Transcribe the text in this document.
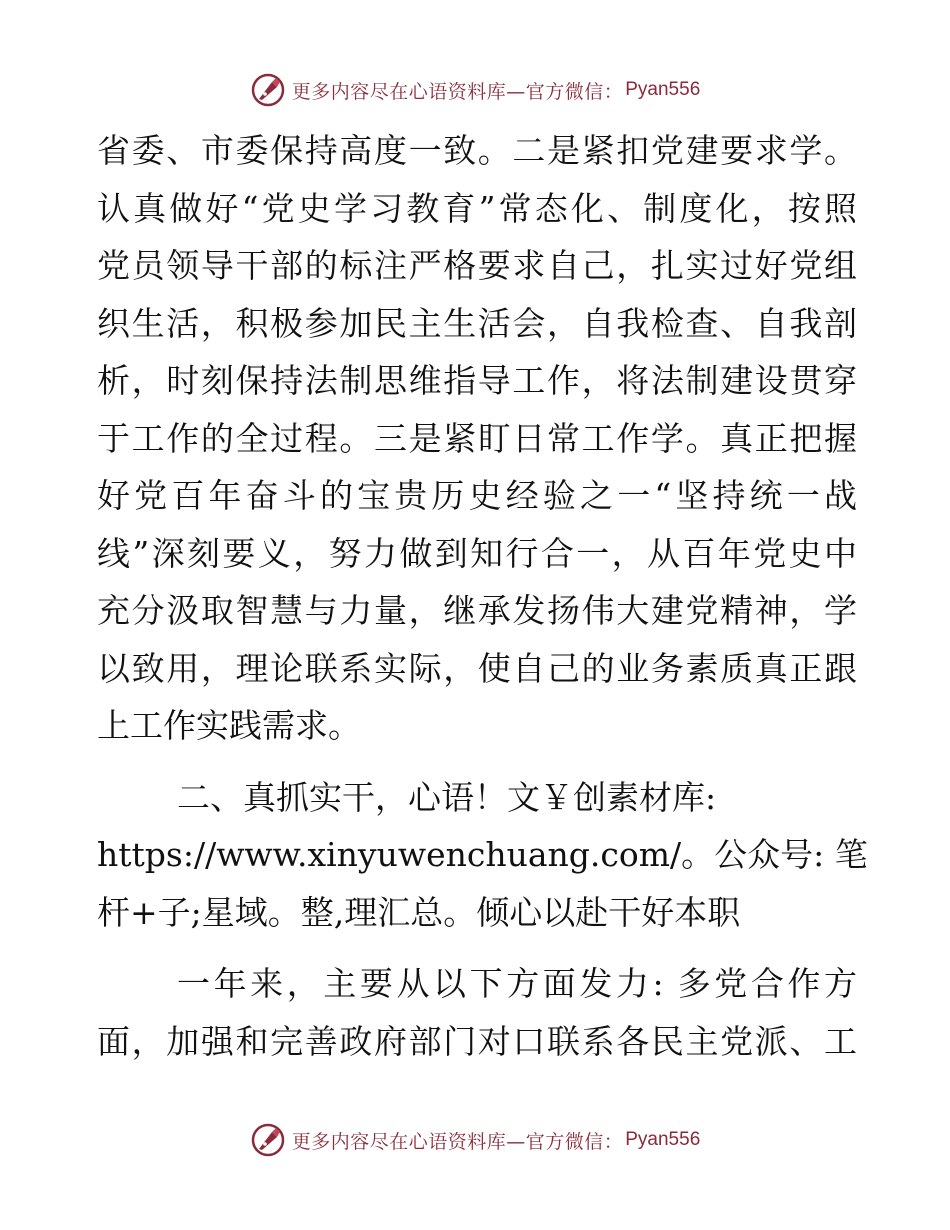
更多内容尽在心语资料库—官方微信： Pyan556
省委、市委保持高度一致。二是紧扣党建要求学。
认真做好“党史学习教育”常态化、制度化，按照
党员领导干部的标注严格要求自己，扎实过好党组
织生活，积极参加民主生活会，自我检查、自我剖
析，时刻保持法制思维指导工作，将法制建设贯穿
于工作的全过程。三是紧盯日常工作学。真正把握
好党百年奋斗的宝贵历史经验之一“坚持统一战
线”深刻要义，努力做到知行合一，从百年党史中
充分汲取智慧与力量，继承发扬伟大建党精神，学
以致用，理论联系实际，使自己的业务素质真正跟
上工作实践需求。
二、真抓实干，心语！文￥创素材库:
https://www.xinyuwenchuang.com/。公众号: 笔
杆+子;星域。整,理汇总。倾心以赴干好本职
一年来，主要从以下方面发力: 多党合作方
面，加强和完善政府部门对口联系各民主党派、工
更多内容尽在心语资料库—官方微信： Pyan556
